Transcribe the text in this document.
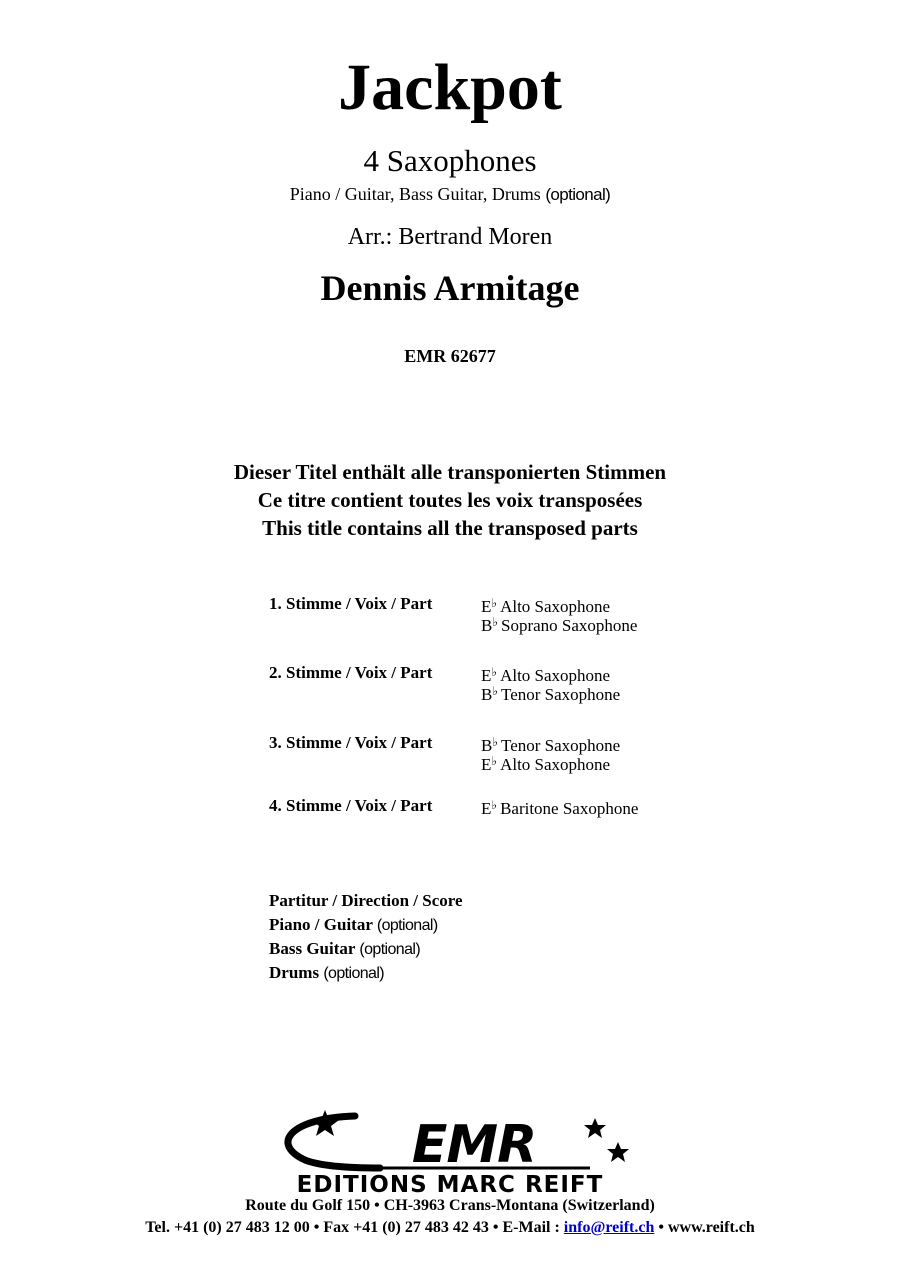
Jackpot
4 Saxophones
Piano / Guitar, Bass Guitar, Drums (optional)
Arr.: Bertrand Moren
Dennis Armitage
EMR 62677
Dieser Titel enthält alle transponierten Stimmen
Ce titre contient toutes les voix transposées
This title contains all the transposed parts
1. Stimme / Voix / Part	E♭ Alto Saxophone
B♭ Soprano Saxophone
2. Stimme / Voix / Part	E♭ Alto Saxophone
B♭ Tenor Saxophone
3. Stimme / Voix / Part	B♭ Tenor Saxophone
E♭ Alto Saxophone
4. Stimme / Voix / Part	E♭ Baritone Saxophone
Partitur / Direction / Score
Piano / Guitar (optional)
Bass Guitar (optional)
Drums (optional)
EMR
EDITIONS MARC REIFT
Route du Golf 150 • CH-3963 Crans-Montana (Switzerland)
Tel. +41 (0) 27 483 12 00 • Fax +41 (0) 27 483 42 43 • E-Mail : info@reift.ch • www.reift.ch
